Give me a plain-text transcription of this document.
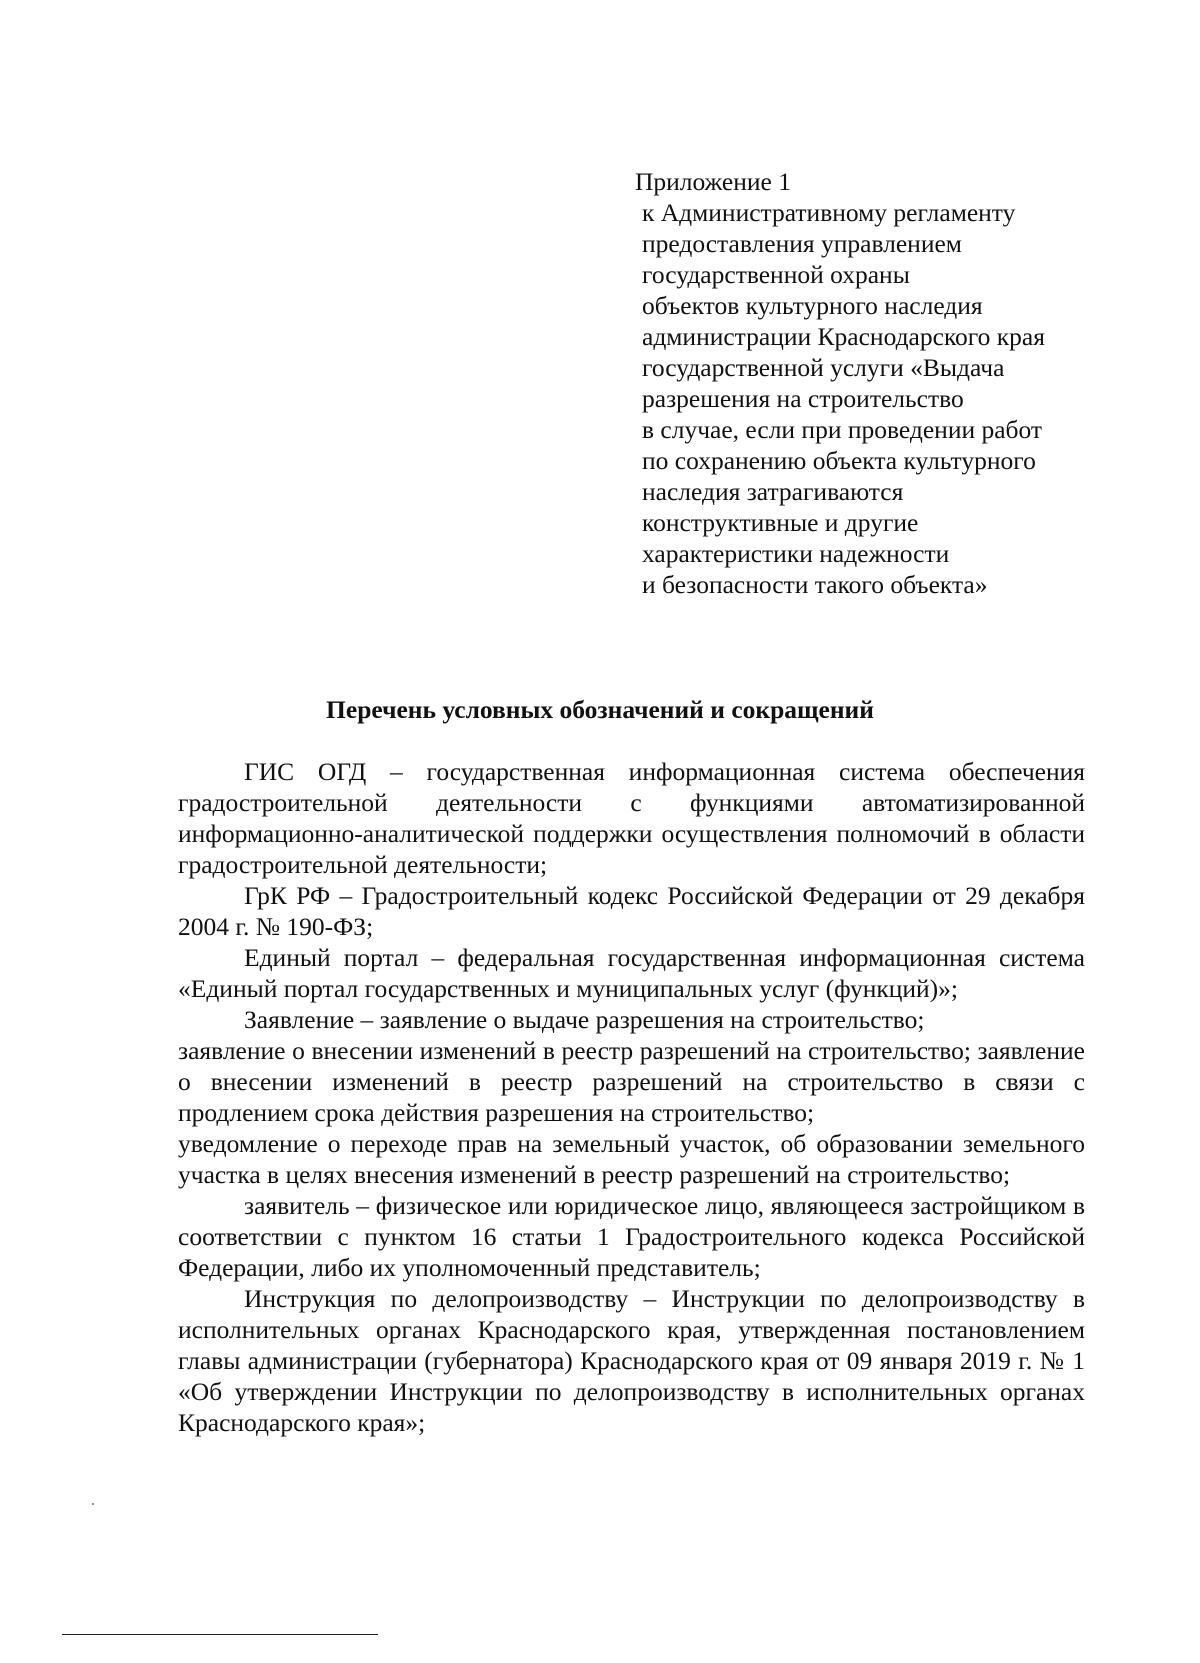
Приложение 1
к Административному регламенту
предоставления управлением
государственной охраны
объектов культурного наследия
администрации Краснодарского края
государственной услуги «Выдача
разрешения на строительство
в случае, если при проведении работ
по сохранению объекта культурного
наследия затрагиваются
конструктивные и другие
характеристики надежности
и безопасности такого объекта»
Перечень условных обозначений и сокращений

ГИС ОГД – государственная информационная система обеспечения градостроительной деятельности с функциями автоматизированной информационно-аналитической поддержки осуществления полномочий в области градостроительной деятельности;

ГрК РФ – Градостроительный кодекс Российской Федерации от 29 декабря 2004 г. № 190-ФЗ;

Единый портал – федеральная государственная информационная система «Единый портал государственных и муниципальных услуг (функций)»;

Заявление – заявление о выдаче разрешения на строительство;

заявление о внесении изменений в реестр разрешений на строительство; заявление о внесении изменений в реестр разрешений на строительство в связи с продлением срока действия разрешения на строительство;

уведомление о переходе прав на земельный участок, об образовании земельного участка в целях внесения изменений в реестр разрешений на строительство;

заявитель – физическое или юридическое лицо, являющееся застройщиком в соответствии с пунктом 16 статьи 1 Градостроительного кодекса Российской Федерации, либо их уполномоченный представитель;

Инструкция по делопроизводству – Инструкции по делопроизводству в исполнительных органах Краснодарского края, утвержденная постановлением главы администрации (губернатора) Краснодарского края от 09 января 2019 г. № 1 «Об утверждении Инструкции по делопроизводству в исполнительных органах Краснодарского края»;
